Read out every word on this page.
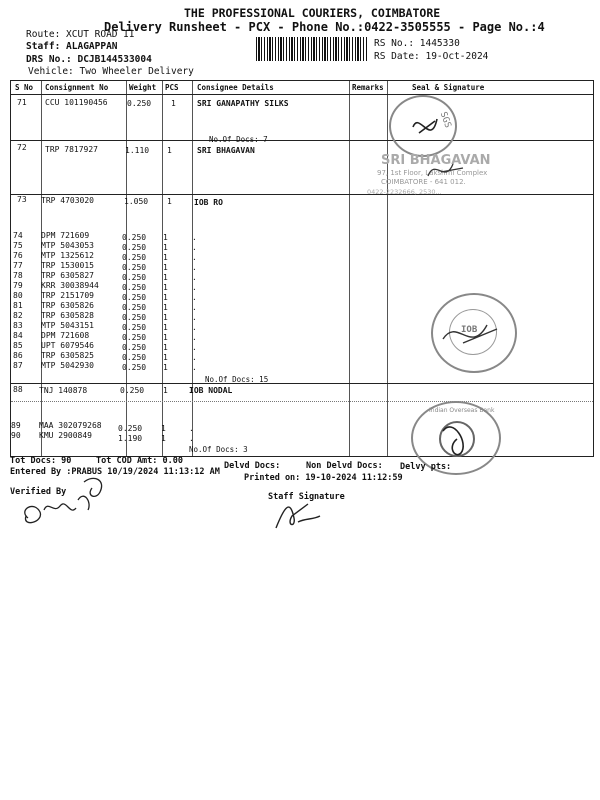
THE PROFESSIONAL COURIERS, COIMBATORE
Delivery Runsheet - PCX - Phone No.:0422-3505555 - Page No.:4
Route: XCUT ROAD II
Staff: ALAGAPPAN
DRS No.: DCJB144533004
Vehicle: Two Wheeler Delivery
RS No.: 1445330
RS Date: 19-Oct-2024
S No Consignment No	Weight PCS Consignee Details	Remarks	Seal & Signature
71 CCU 101190456 0.250 1	SRI GANAPATHY SILKS
No.Of Docs: 7
72 TRP 7817927	1.110 1	SRI BHAGAVAN
73 TRP 4703020	1.050 1	IOB RO
74 DPM 721609	0.250 1	.
75 MTP 5043053	0.250 1	.
76 MTP 1325612	0.250 1	.
77 TRP 1530015	0.250 1	.
78 TRP 6305827	0.250 1	.
79 KRR 30038944	0.250 1	.
80 TRP 2151709	0.250 1	.
81 TRP 6305826	0.250 1	.
82 TRP 6305828	0.250 1	.
83 MTP 5043151	0.250 1	.
84 DPM 721608	0.250 1	.
85 UPT 6079546	0.250 1	.
86 TRP 6305825	0.250 1	.
87 MTP 5042930	0.250 1	.
No.Of Docs: 15
88 TNJ 140878	0.250 1	IOB NODAL
89 MAA 302079268 0.250 1	.
90 KMU 2900849	1.190 1	.
No.Of Docs: 3
SGS
SRI BHAGAVAN
97, 1st Floor, Lakshmi Complex
COIMBATORE - 641 012.
0422-2232666, 2530...
IOB
Indian Overseas Bank
Tot Docs: 90	Tot COD Amt: 0.00	Delvd Docs:	Non Delvd Docs: Delvy pts:
Entered By :PRABUS 10/19/2024 11:13:12 AM
Printed on: 19-10-2024 11:12:59
Verified By	Staff Signature
